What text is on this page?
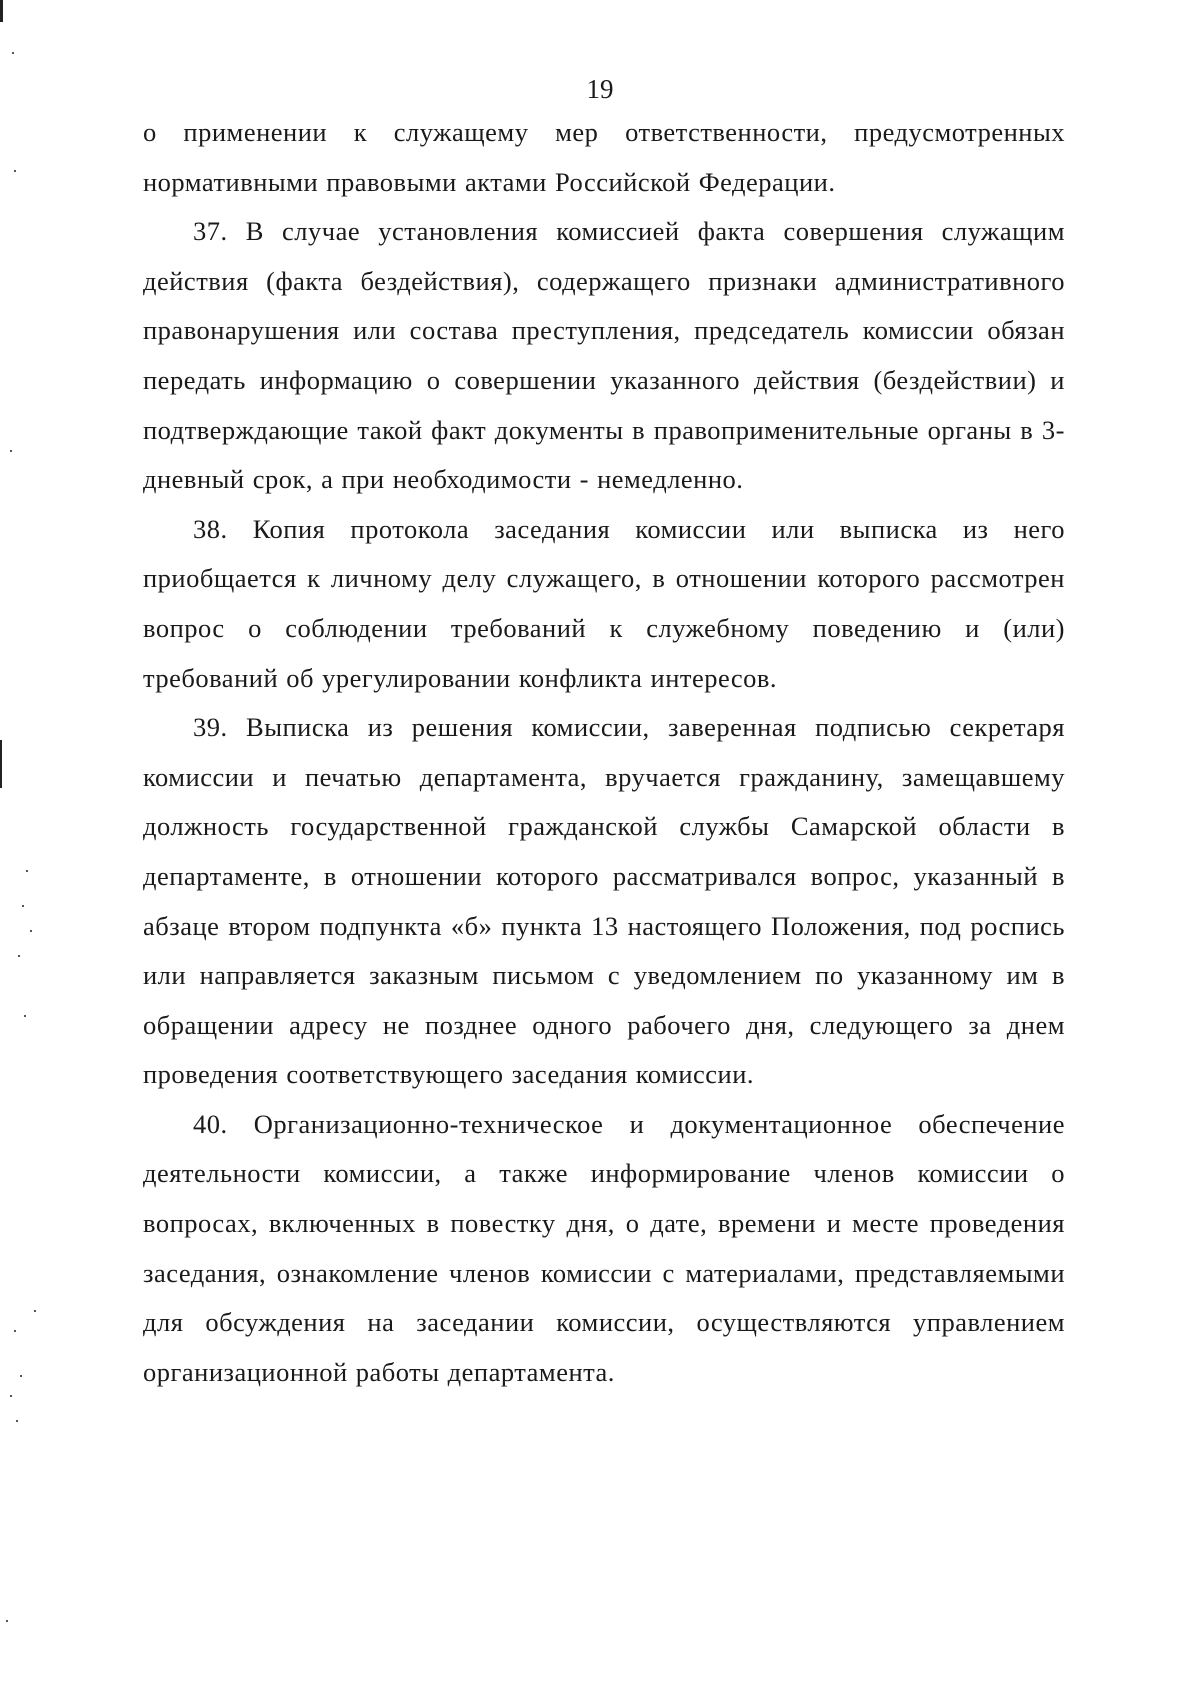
19

о применении к служащему мер ответственности, предусмотренных нормативными правовыми актами Российской Федерации.

37. В случае установления комиссией факта совершения служащим действия (факта бездействия), содержащего признаки административного правонарушения или состава преступления, председатель комиссии обязан передать информацию о совершении указанного действия (бездействии) и подтверждающие такой факт документы в правоприменительные органы в 3-дневный срок, а при необходимости - немедленно.

38. Копия протокола заседания комиссии или выписка из него приобщается к личному делу служащего, в отношении которого рассмотрен вопрос о соблюдении требований к служебному поведению и (или) требований об урегулировании конфликта интересов.

39. Выписка из решения комиссии, заверенная подписью секретаря комиссии и печатью департамента, вручается гражданину, замещавшему должность государственной гражданской службы Самарской области в департаменте, в отношении которого рассматривался вопрос, указанный в абзаце втором подпункта «б» пункта 13 настоящего Положения, под роспись или направляется заказным письмом с уведомлением по указанному им в обращении адресу не позднее одного рабочего дня, следующего за днем проведения соответствующего заседания комиссии.

40. Организационно-техническое и документационное обеспечение деятельности комиссии, а также информирование членов комиссии о вопросах, включенных в повестку дня, о дате, времени и месте проведения заседания, ознакомление членов комиссии с материалами, представляемыми для обсуждения на заседании комиссии, осуществляются управлением организационной работы департамента.
